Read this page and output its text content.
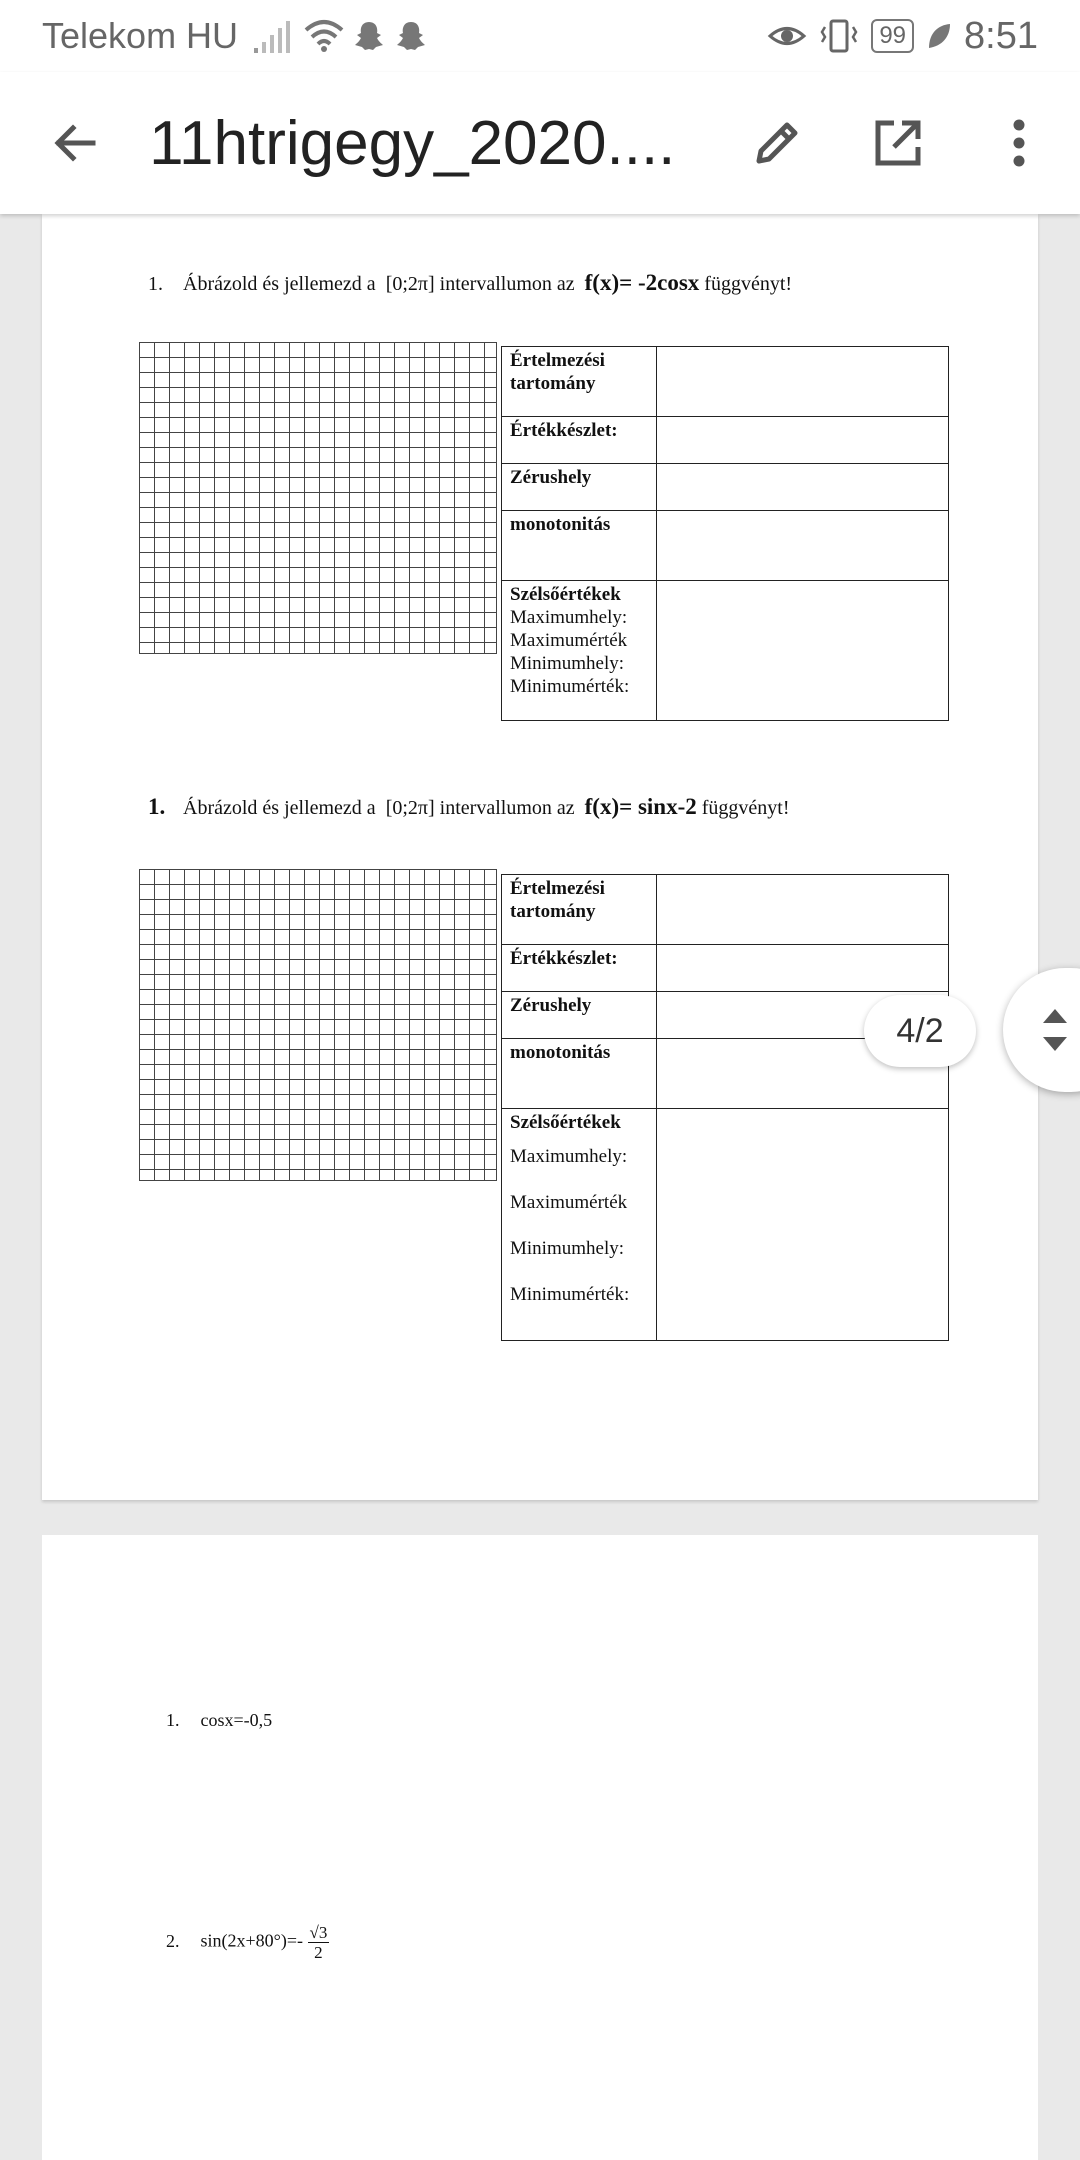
Telekom HU	99 8:51
11htrigegy_2020....
1. Ábrázold és jellemezd a [0;2π] intervallumon az f(x)= -2cosx függvényt!
Értelmezési tartomány	
Értékkészlet:	
Zérushely	
monotonitás	

Szélsőértékek
Maximumhely:
Maximumérték
Minimumhely:
Minimumérték:	

1. Ábrázold és jellemezd a [0;2π] intervallumon az f(x)= sinx-2 függvényt!
Értelmezési tartomány	
Értékkészlet:	
Zérushely	
monotonitás	

Szélsőértékek
Maximumhely:
Maximumérték
Minimumhely:
Minimumérték:	

1. cosx=-0,5
2. $\sin(2x+80^\circ)=- \frac{√3}{2}$
4/2
